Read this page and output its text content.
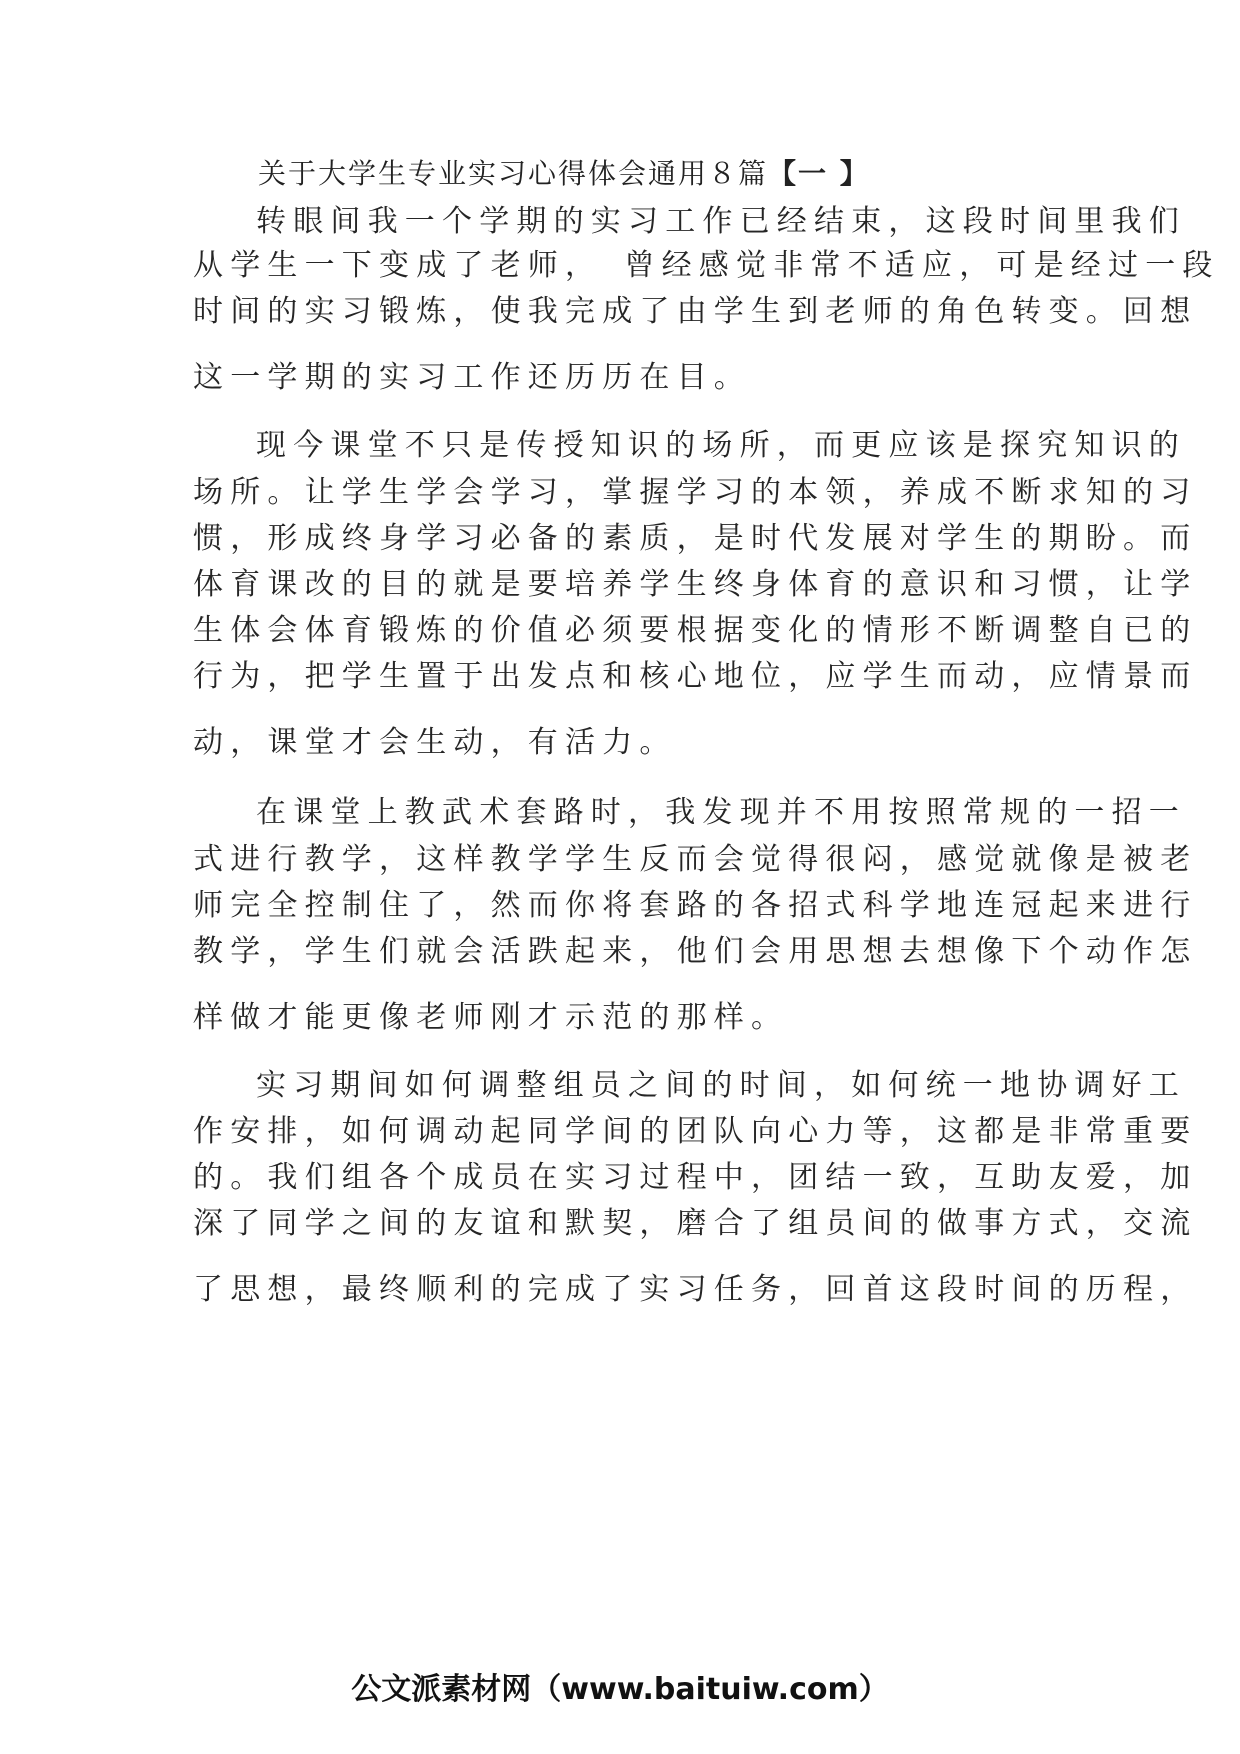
关于大学生专业实习心得体会通用８篇【一 】
转眼间我一个学期的实习工作已经结束，这段时间里我们
从学生一下变成了老师，　曾经感觉非常不适应，可是经过一段
时间的实习锻炼，使我完成了由学生到老师的角色转变。回想
这一学期的实习工作还历历在目。
现今课堂不只是传授知识的场所，而更应该是探究知识的
场所。让学生学会学习，掌握学习的本领，养成不断求知的习
惯，形成终身学习必备的素质，是时代发展对学生的期盼。而
体育课改的目的就是要培养学生终身体育的意识和习惯，让学
生体会体育锻炼的价值必须要根据变化的情形不断调整自已的
行为，把学生置于出发点和核心地位，应学生而动，应情景而
动，课堂才会生动，有活力。
在课堂上教武术套路时，我发现并不用按照常规的一招一
式进行教学，这样教学学生反而会觉得很闷，感觉就像是被老
师完全控制住了，然而你将套路的各招式科学地连冠起来进行
教学，学生们就会活跌起来，他们会用思想去想像下个动作怎
样做才能更像老师刚才示范的那样。
实习期间如何调整组员之间的时间，如何统一地协调好工
作安排，如何调动起同学间的团队向心力等，这都是非常重要
的。我们组各个成员在实习过程中，团结一致，互助友爱，加
深了同学之间的友谊和默契，磨合了组员间的做事方式，交流
了思想，最终顺利的完成了实习任务，回首这段时间的历程，
公文派素材网（www.baituiw.com）
